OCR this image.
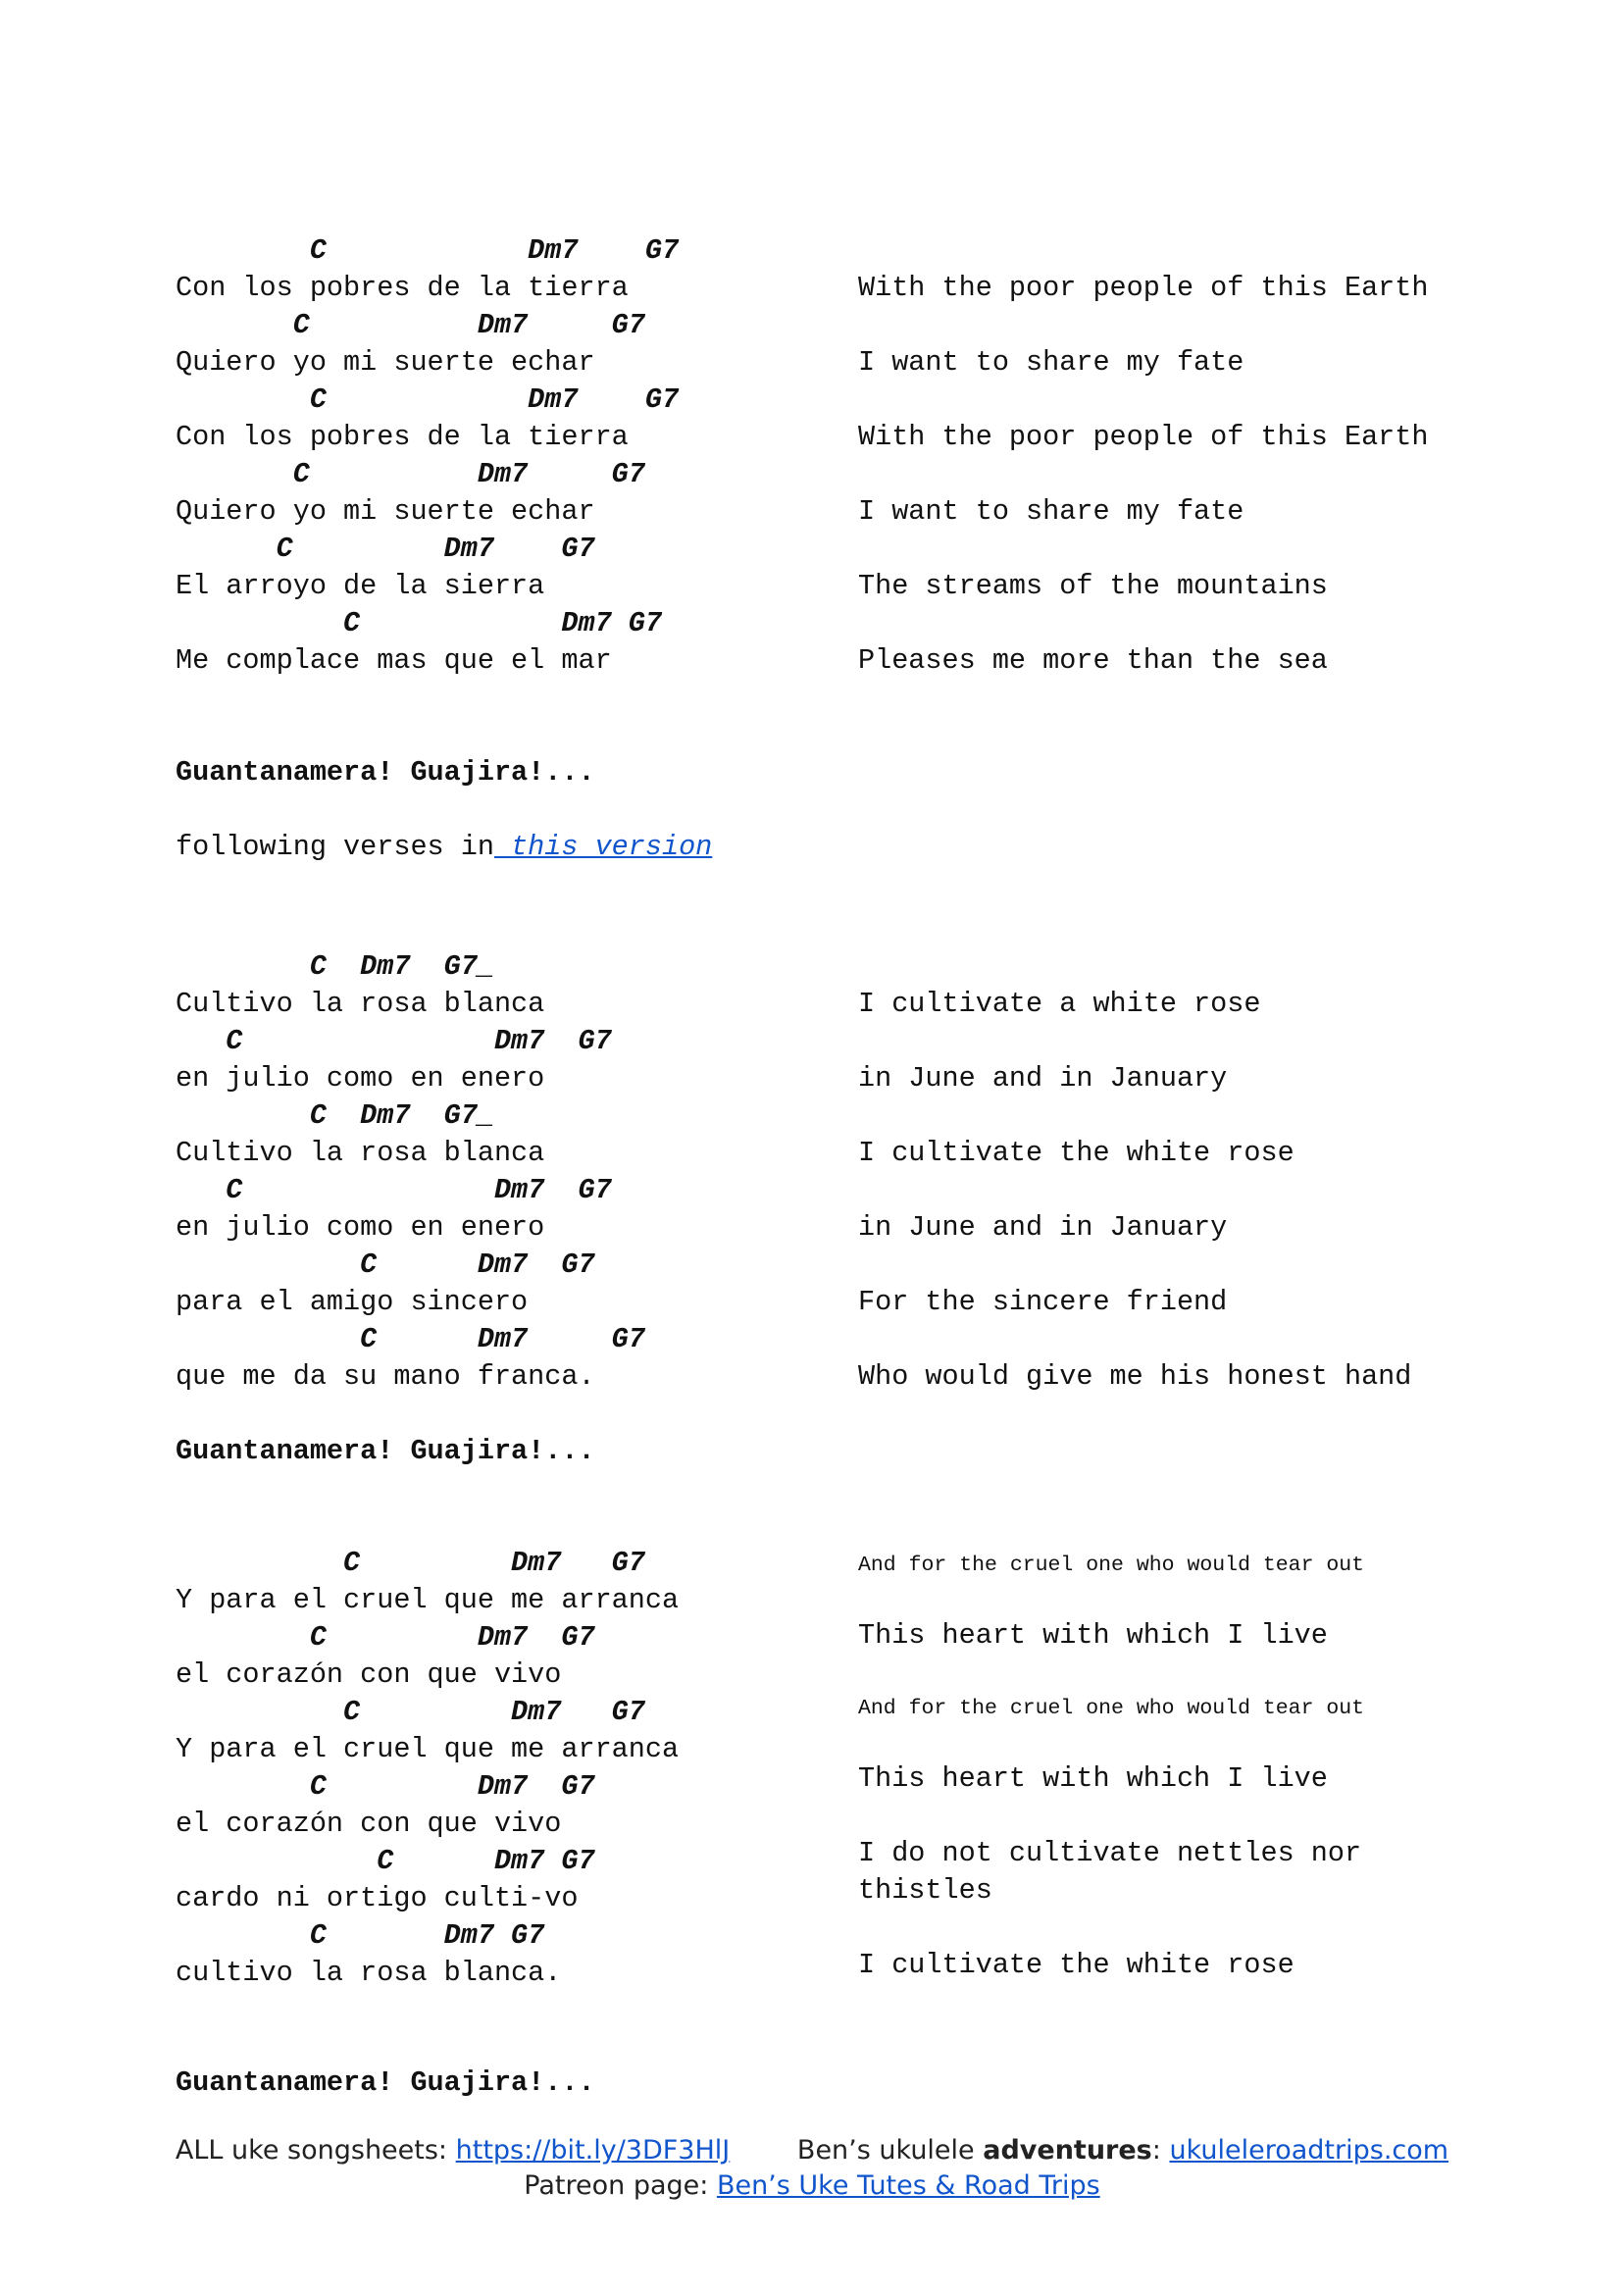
C            Dm7    G7
Con los pobres de la tierra
C          Dm7     G7
Quiero yo mi suerte echar
C            Dm7    G7
Con los pobres de la tierra
C          Dm7     G7
Quiero yo mi suerte echar
C         Dm7    G7
El arroyo de la sierra
C            Dm7 G7
Me complace mas que el mar
With the poor people of this Earth
I want to share my fate
With the poor people of this Earth
I want to share my fate
The streams of the mountains
Pleases me more than the sea
Guantanamera! Guajira!...
following verses in this version
C  Dm7  G7_
Cultivo la rosa blanca
C               Dm7  G7
en julio como en enero
C  Dm7  G7_
Cultivo la rosa blanca
C               Dm7  G7
en julio como en enero
C      Dm7  G7
para el amigo sincero
C      Dm7     G7
que me da su mano franca.
I cultivate a white rose
in June and in January
I cultivate the white rose
in June and in January
For the sincere friend
Who would give me his honest hand
Guantanamera! Guajira!...
C         Dm7   G7
Y para el cruel que me arranca
C         Dm7  G7
el corazón con que vivo
C         Dm7   G7
Y para el cruel que me arranca
C         Dm7  G7
el corazón con que vivo
C      Dm7 G7
cardo ni ortigo culti-vo
C       Dm7 G7
cultivo la rosa blanca.
And for the cruel one who would tear out
This heart with which I live
And for the cruel one who would tear out
This heart with which I live
I do not cultivate nettles nor thistles
I cultivate the white rose
Guantanamera! Guajira!...
ALL uke songsheets: https://bit.ly/3DF3HlJ	Ben’s ukulele adventures: ukuleleroadtrips.com
Patreon page: Ben’s Uke Tutes & Road Trips
